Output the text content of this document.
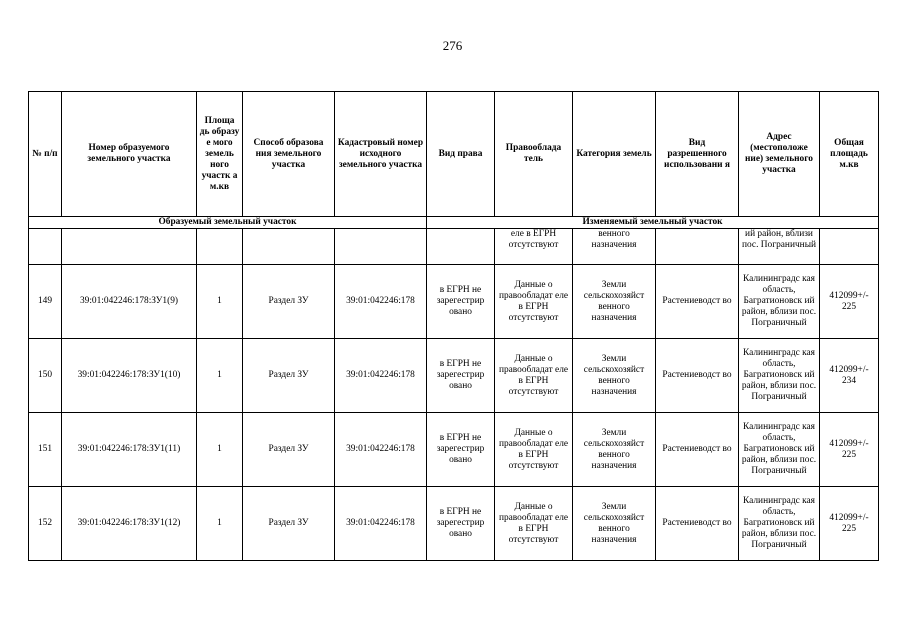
276
№ п/п	Номер образуемого земельного участка	Площа дь образу е мого земель ного участк а м.кв	Способ образова ния земельного участка	Кадастровый номер исходного земельного участка	Вид права	Правооблада тель	Категория земель	Вид разрешенного использовани я	Адрес (местоположе ние) земельного участка	Общая площадь м.кв
Образуемый земельный участок					Изменяемый земельный участок					
						еле в ЕГРН отсутствуют	венного назначения		ий район, вблизи пос. Пограничный	
149	39:01:042246:178:ЗУ1(9)	1	Раздел ЗУ	39:01:042246:178	в ЕГРН не зарегестрир овано	Данные о правообладат еле в ЕГРН отсутствуют	Земли сельскохозяйст венного назначения	Растениеводст во	Калининградс кая область, Багратионовск ий район, вблизи пос. Пограничный	412099+/- 225
150	39:01:042246:178:ЗУ1(10)	1	Раздел ЗУ	39:01:042246:178	в ЕГРН не зарегестрир овано	Данные о правообладат еле в ЕГРН отсутствуют	Земли сельскохозяйст венного назначения	Растениеводст во	Калининградс кая область, Багратионовск ий район, вблизи пос. Пограничный	412099+/- 234
151	39:01:042246:178:ЗУ1(11)	1	Раздел ЗУ	39:01:042246:178	в ЕГРН не зарегестрир овано	Данные о правообладат еле в ЕГРН отсутствуют	Земли сельскохозяйст венного назначения	Растениеводст во	Калининградс кая область, Багратионовск ий район, вблизи пос. Пограничный	412099+/- 225
152	39:01:042246:178:ЗУ1(12)	1	Раздел ЗУ	39:01:042246:178	в ЕГРН не зарегестрир овано	Данные о правообладат еле в ЕГРН отсутствуют	Земли сельскохозяйст венного назначения	Растениеводст во	Калининградс кая область, Багратионовск ий район, вблизи пос. Пограничный	412099+/- 225
